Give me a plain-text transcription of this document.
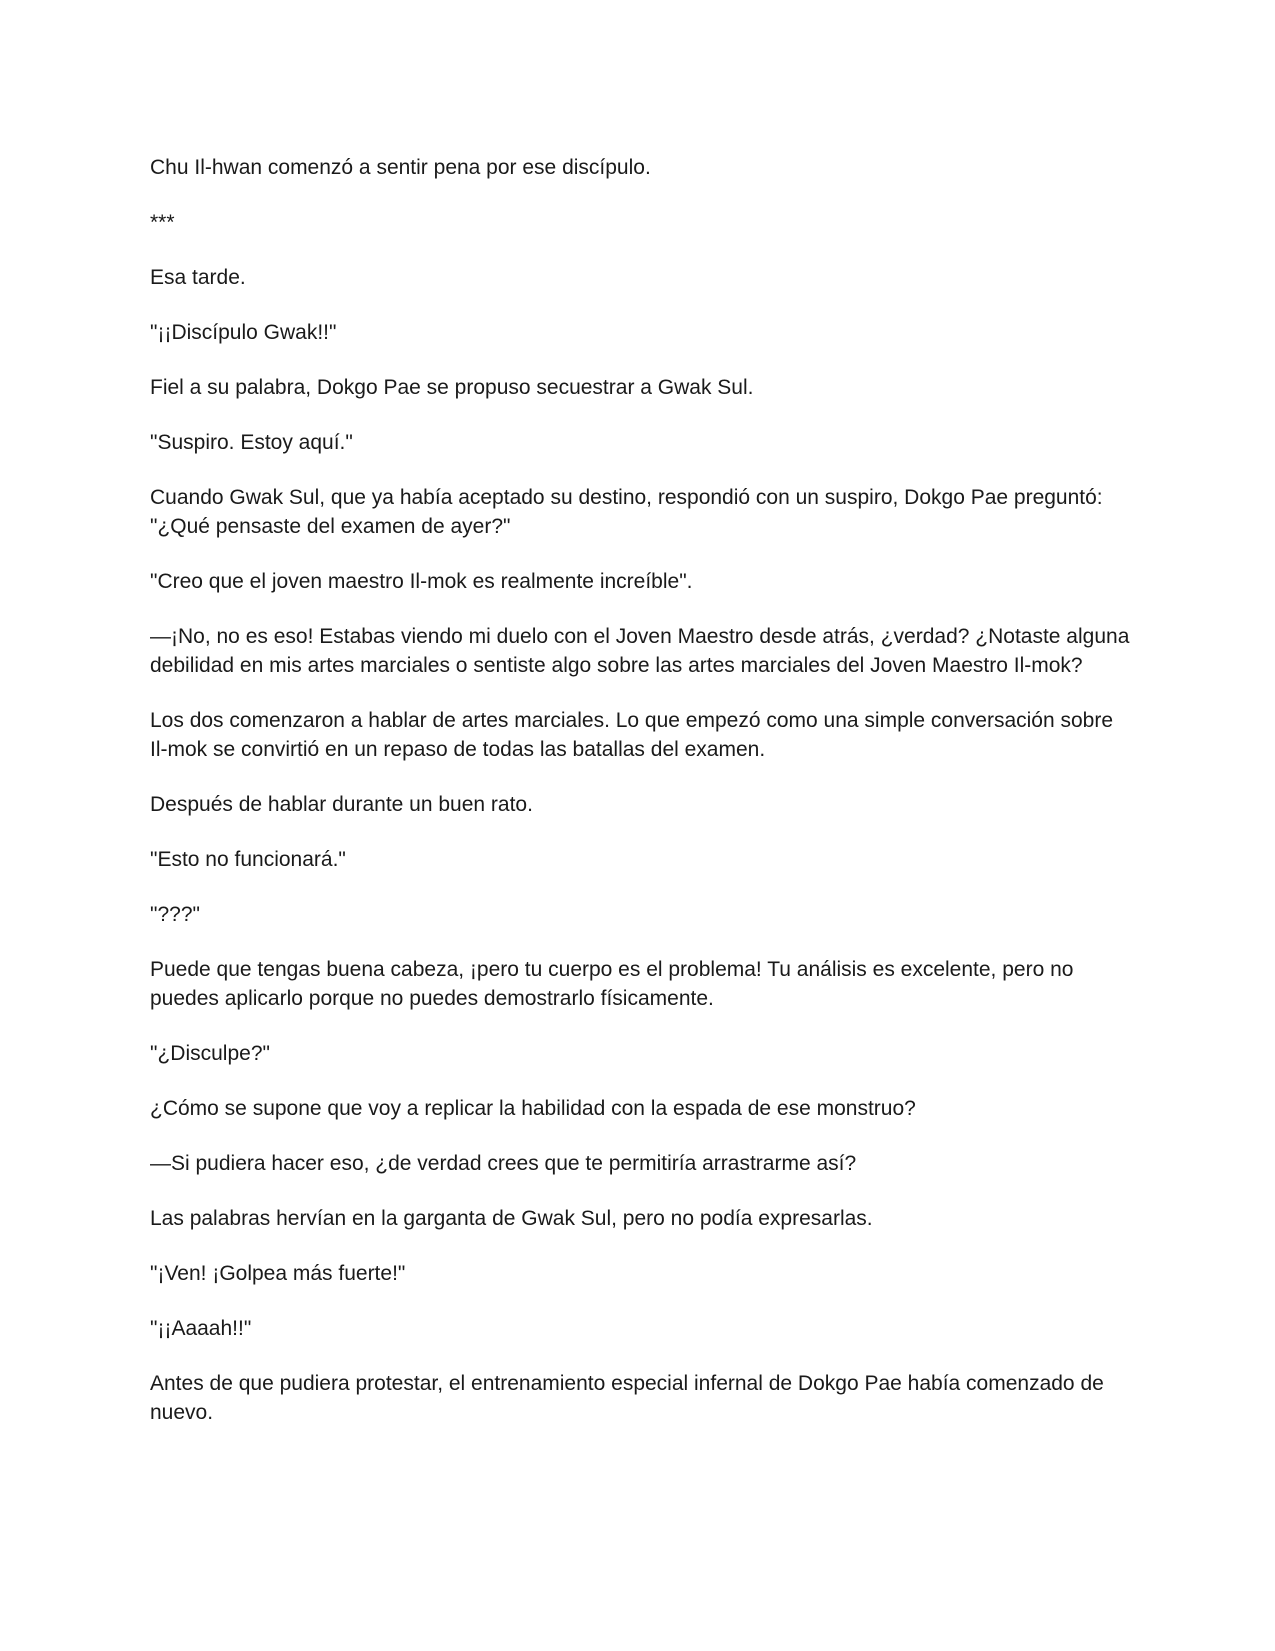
Chu Il-hwan comenzó a sentir pena por ese discípulo.

***

Esa tarde.

"¡¡Discípulo Gwak!!"

Fiel a su palabra, Dokgo Pae se propuso secuestrar a Gwak Sul.

"Suspiro. Estoy aquí."

Cuando Gwak Sul, que ya había aceptado su destino, respondió con un suspiro, Dokgo Pae preguntó: "¿Qué pensaste del examen de ayer?"

"Creo que el joven maestro Il-mok es realmente increíble".

—¡No, no es eso! Estabas viendo mi duelo con el Joven Maestro desde atrás, ¿verdad? ¿Notaste alguna debilidad en mis artes marciales o sentiste algo sobre las artes marciales del Joven Maestro Il-mok?

Los dos comenzaron a hablar de artes marciales. Lo que empezó como una simple conversación sobre Il-mok se convirtió en un repaso de todas las batallas del examen.

Después de hablar durante un buen rato.

"Esto no funcionará."

"???"

Puede que tengas buena cabeza, ¡pero tu cuerpo es el problema! Tu análisis es excelente, pero no puedes aplicarlo porque no puedes demostrarlo físicamente.

"¿Disculpe?"

¿Cómo se supone que voy a replicar la habilidad con la espada de ese monstruo?

—Si pudiera hacer eso, ¿de verdad crees que te permitiría arrastrarme así?

Las palabras hervían en la garganta de Gwak Sul, pero no podía expresarlas.

"¡Ven! ¡Golpea más fuerte!"

"¡¡Aaaah!!"

Antes de que pudiera protestar, el entrenamiento especial infernal de Dokgo Pae había comenzado de nuevo.
